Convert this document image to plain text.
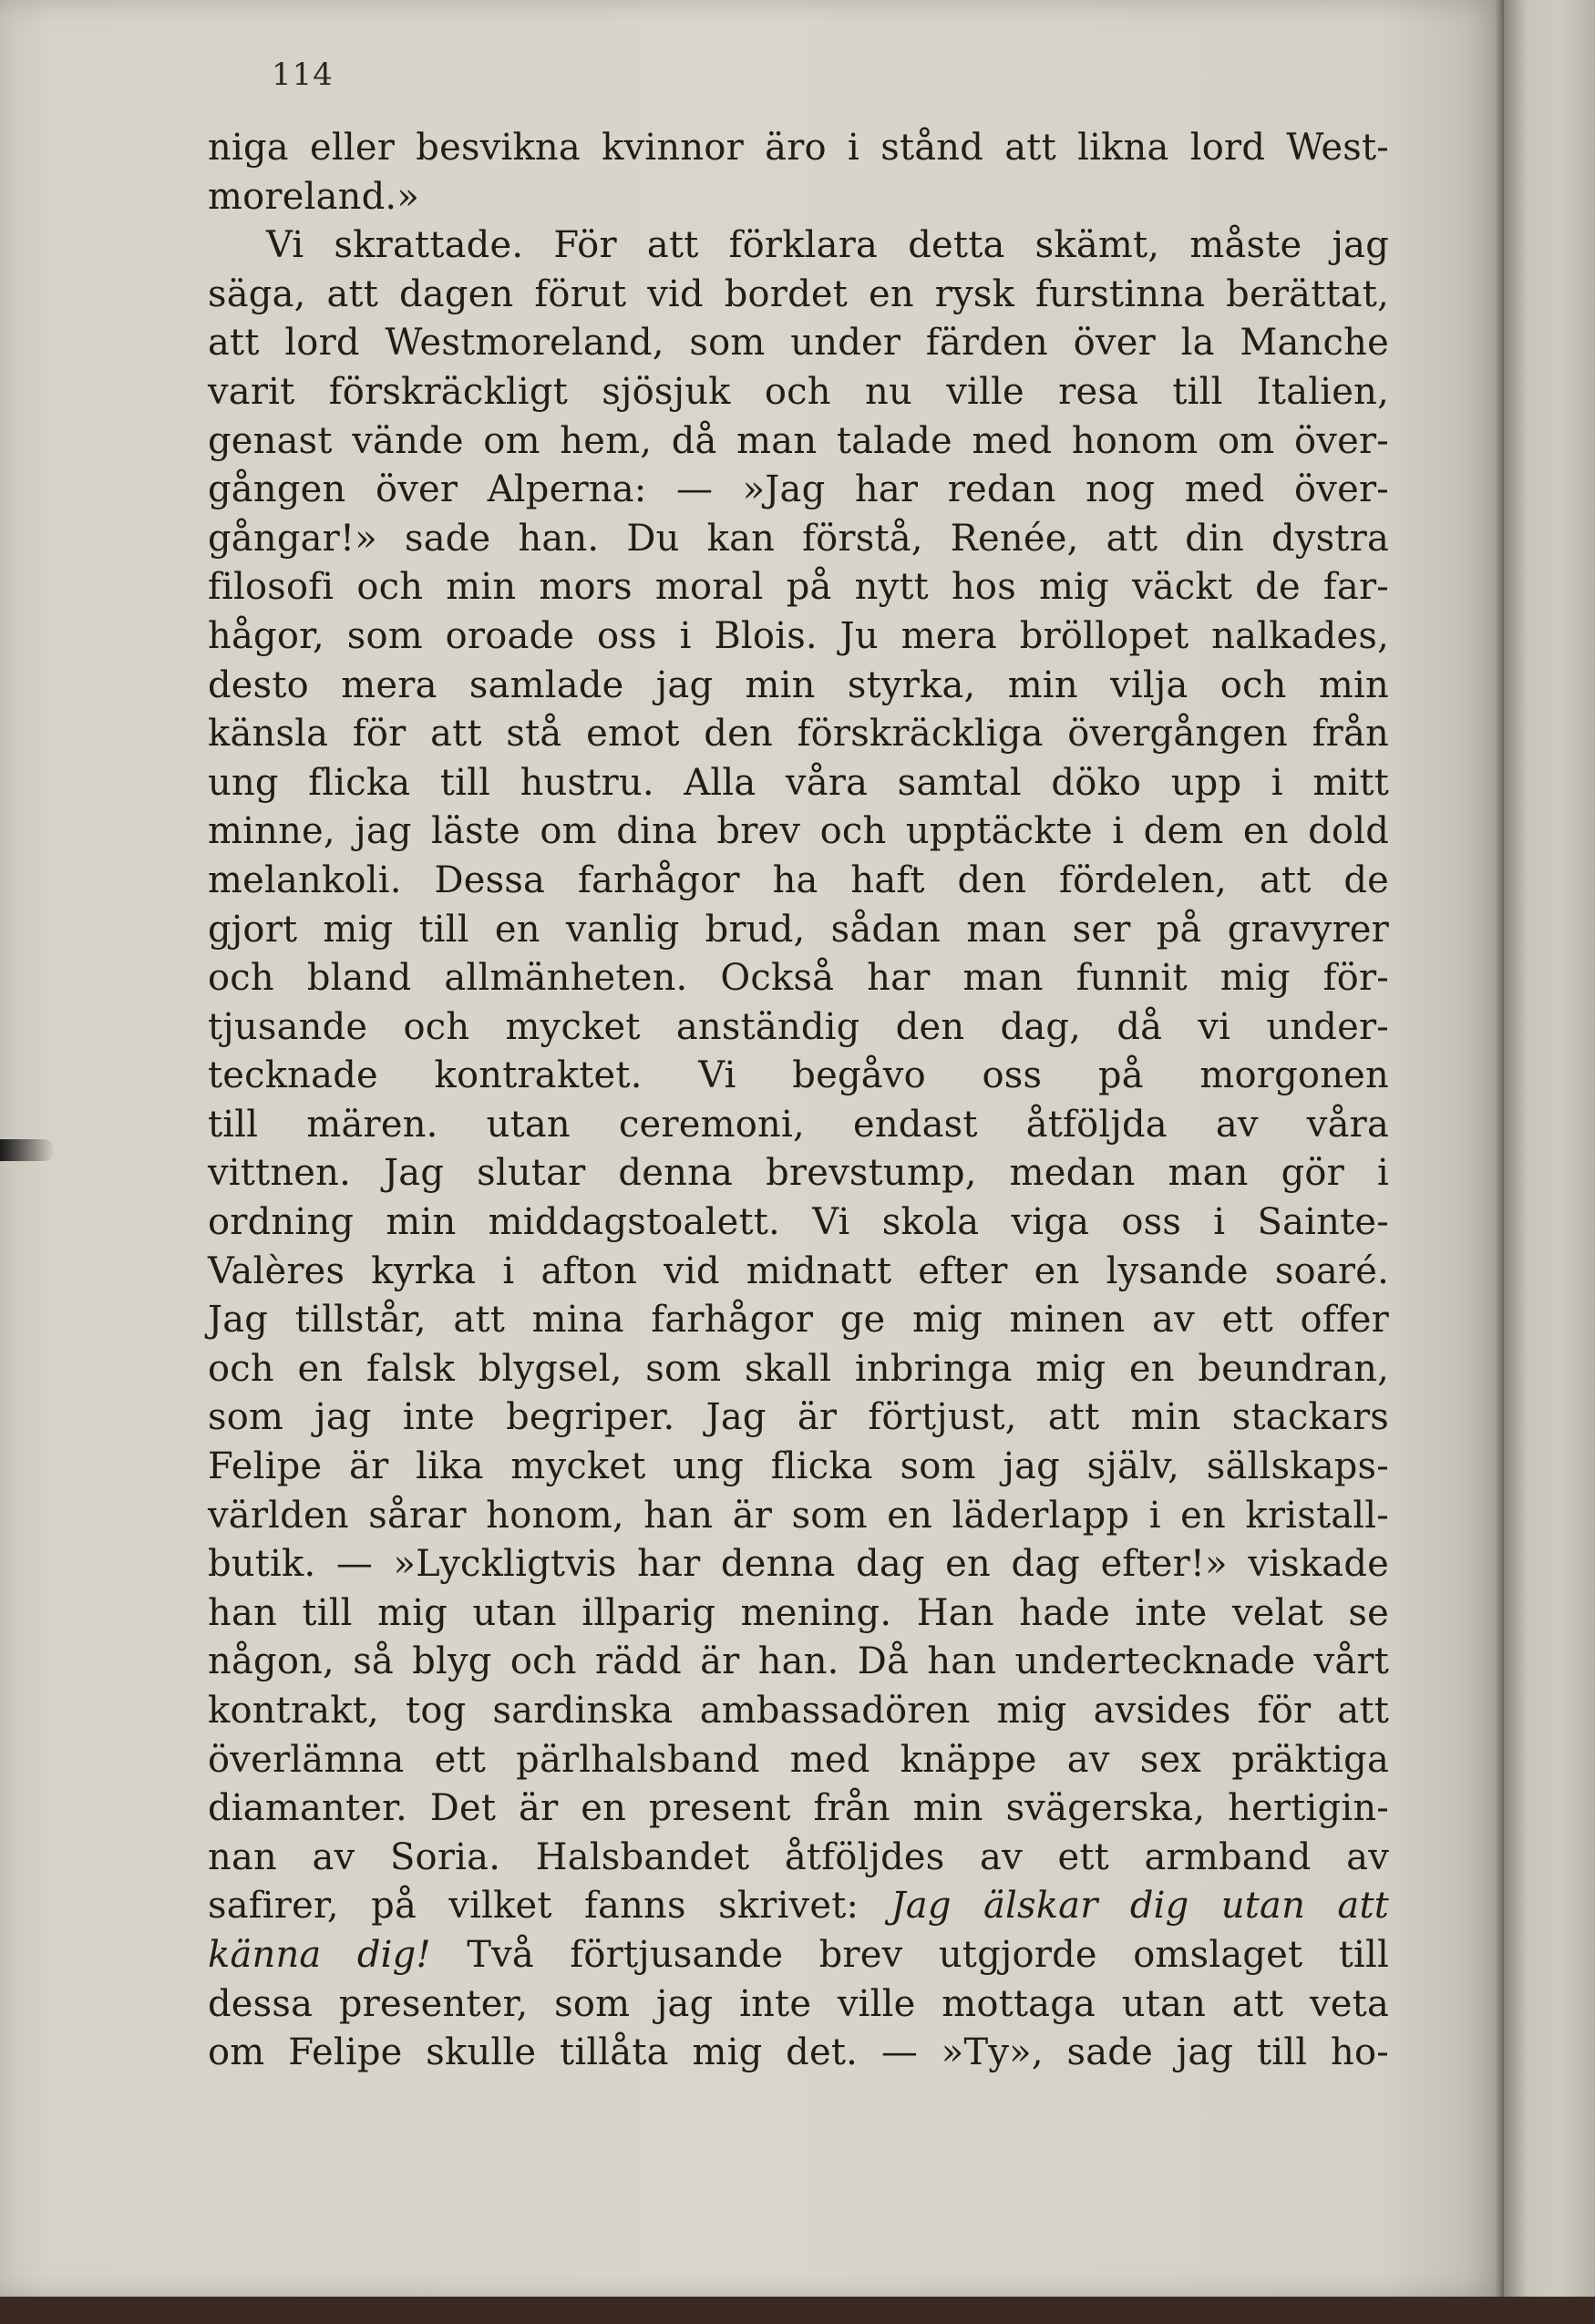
114
niga eller besvikna kvinnor äro i stånd att likna lord West-
moreland.»
Vi skrattade. För att förklara detta skämt, måste jag
säga, att dagen förut vid bordet en rysk furstinna berättat,
att lord Westmoreland, som under färden över la Manche
varit förskräckligt sjösjuk och nu ville resa till Italien,
genast vände om hem, då man talade med honom om över-
gången över Alperna: — »Jag har redan nog med över-
gångar!» sade han. Du kan förstå, Renée, att din dystra
filosofi och min mors moral på nytt hos mig väckt de far-
hågor, som oroade oss i Blois. Ju mera bröllopet nalkades,
desto mera samlade jag min styrka, min vilja och min
känsla för att stå emot den förskräckliga övergången från
ung flicka till hustru. Alla våra samtal döko upp i mitt
minne, jag läste om dina brev och upptäckte i dem en dold
melankoli. Dessa farhågor ha haft den fördelen, att de
gjort mig till en vanlig brud, sådan man ser på gravyrer
och bland allmänheten. Också har man funnit mig för-
tjusande och mycket anständig den dag, då vi under-
tecknade kontraktet. Vi begåvo oss på morgonen
till mären. utan ceremoni, endast åtföljda av våra
vittnen. Jag slutar denna brevstump, medan man gör i
ordning min middagstoalett. Vi skola viga oss i Sainte-
Valères kyrka i afton vid midnatt efter en lysande soaré.
Jag tillstår, att mina farhågor ge mig minen av ett offer
och en falsk blygsel, som skall inbringa mig en beundran,
som jag inte begriper. Jag är förtjust, att min stackars
Felipe är lika mycket ung flicka som jag själv, sällskaps-
världen sårar honom, han är som en läderlapp i en kristall-
butik. — »Lyckligtvis har denna dag en dag efter!» viskade
han till mig utan illparig mening. Han hade inte velat se
någon, så blyg och rädd är han. Då han undertecknade vårt
kontrakt, tog sardinska ambassadören mig avsides för att
överlämna ett pärlhalsband med knäppe av sex präktiga
diamanter. Det är en present från min svägerska, hertigin-
nan av Soria. Halsbandet åtföljdes av ett armband av
safirer, på vilket fanns skrivet: Jag älskar dig utan att
känna dig! Två förtjusande brev utgjorde omslaget till
dessa presenter, som jag inte ville mottaga utan att veta
om Felipe skulle tillåta mig det. — »Ty», sade jag till ho-
